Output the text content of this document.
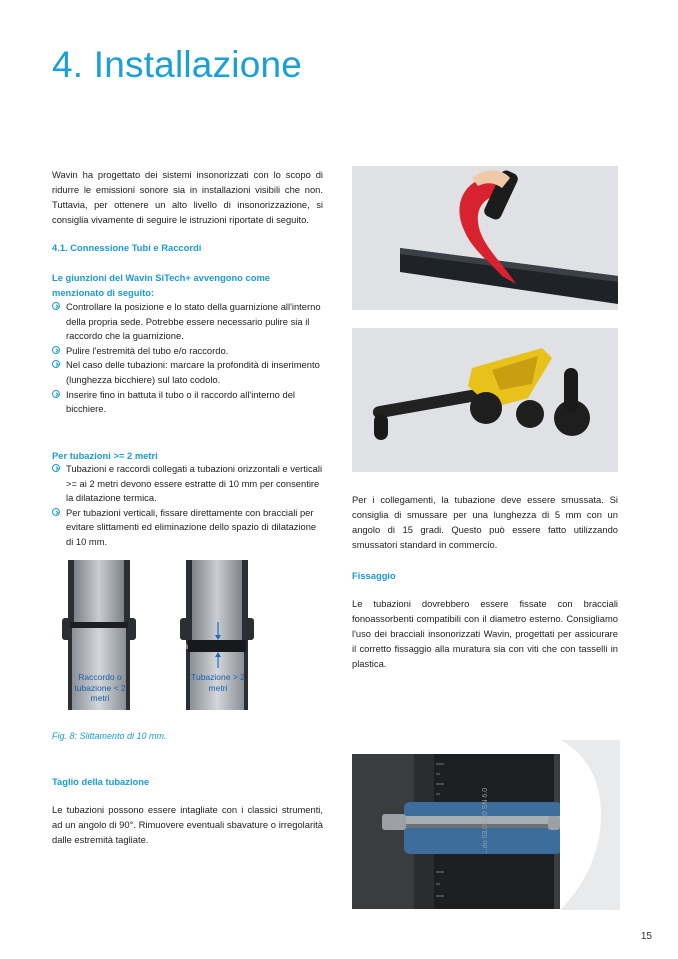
4. Installazione
Wavin ha progettato dei sistemi insonorizzati con lo scopo di ridurre le emissioni sonore sia in installazioni visibili che non. Tuttavia, per ottenere un alto livello di insonorizzazione, si consiglia vivamente di seguire le istruzioni riportate di seguito.
4.1. Connessione Tubi e Raccordi
Le giunzioni del Wavin SiTech+ avvengono come menzionato di seguito:
Controllare la posizione e lo stato della guarnizione all'interno della propria sede. Potrebbe essere necessario pulire sia il raccordo che la guarnizione.
Pulire l'estremità del tubo e/o raccordo.
Nel caso delle tubazioni: marcare la profondità di inserimento (lunghezza bicchiere) sul lato codolo.
Inserire fino in battuta il tubo o il raccordo all'interno del bicchiere.
Per tubazioni >= 2 metri
Tubazioni e raccordi collegati a tubazioni orizzontali e verticali >= ai 2 metri devono essere estratte di 10 mm per consentire la dilatazione termica.
Per tubazioni verticali, fissare direttamente con bracciali per evitare slittamenti ed eliminazione dello spazio di dilatazione di 10 mm.
10 mm
Raccordo o tubazione < 2 metri
Tubazione > 2 metri
Fig. 8: Slittamento di 10 mm.
Taglio della tubazione
Le tubazioni possono essere intagliate con i classici strumenti, ad un angolo di 90°. Rimuovere eventuali sbavature o irregolarità dalle estremità tagliate.
Per i collegamenti, la tubazione deve essere smussata. Si consiglia di smussare per una lunghezza di 5 mm con un angolo di 15 gradi. Questo può essere fatto utilizzando smussatori standard in commercio.
Fissaggio
Le tubazioni dovrebbero essere fissate con bracciali fonoassorbenti compatibili con il diametro esterno. Consigliamo l'uso dei bracciali insonorizzati Wavin, progettati per assicurare il corretto fissaggio alla muratura sia con viti che con tasselli in plastica.
...do 03.03.20 SN 6.0
15
